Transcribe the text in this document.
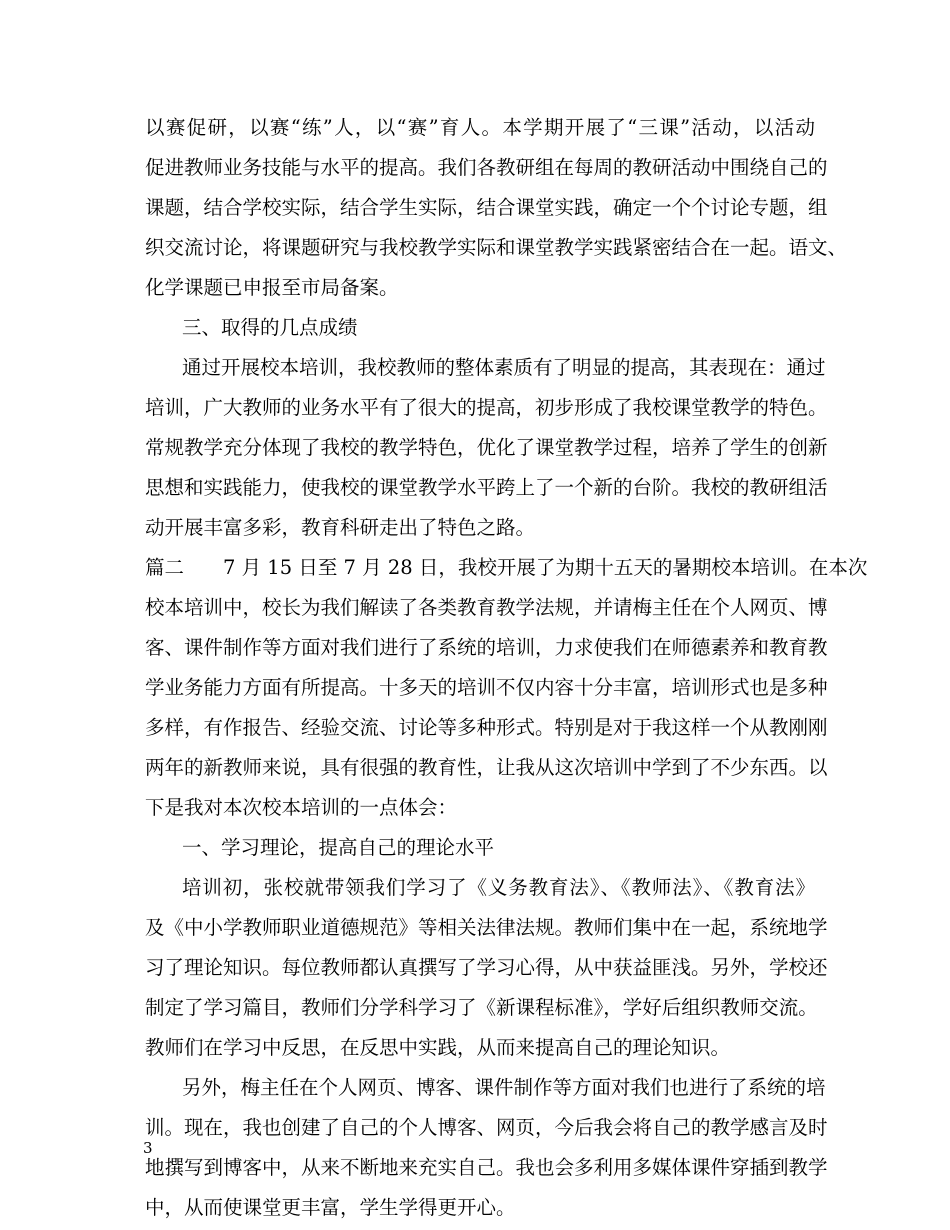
以赛促研，以赛“练”人，以“赛”育人。本学期开展了“三课”活动，以活动
促进教师业务技能与水平的提高。我们各教研组在每周的教研活动中围绕自己的
课题，结合学校实际，结合学生实际，结合课堂实践，确定一个个讨论专题，组
织交流讨论，将课题研究与我校教学实际和课堂教学实践紧密结合在一起。语文、
化学课题已申报至市局备案。
三、取得的几点成绩
通过开展校本培训，我校教师的整体素质有了明显的提高，其表现在：通过
培训，广大教师的业务水平有了很大的提高，初步形成了我校课堂教学的特色。
常规教学充分体现了我校的教学特色，优化了课堂教学过程，培养了学生的创新
思想和实践能力，使我校的课堂教学水平跨上了一个新的台阶。我校的教研组活
动开展丰富多彩，教育科研走出了特色之路。
篇二　　7 月 15 日至 7 月 28 日，我校开展了为期十五天的暑期校本培训。在本次
校本培训中，校长为我们解读了各类教育教学法规，并请梅主任在个人网页、博
客、课件制作等方面对我们进行了系统的培训，力求使我们在师德素养和教育教
学业务能力方面有所提高。十多天的培训不仅内容十分丰富，培训形式也是多种
多样，有作报告、经验交流、讨论等多种形式。特别是对于我这样一个从教刚刚
两年的新教师来说，具有很强的教育性，让我从这次培训中学到了不少东西。以
下是我对本次校本培训的一点体会：
一、学习理论，提高自己的理论水平
培训初，张校就带领我们学习了《义务教育法》、《教师法》、《教育法》
及《中小学教师职业道德规范》等相关法律法规。教师们集中在一起，系统地学
习了理论知识。每位教师都认真撰写了学习心得，从中获益匪浅。另外，学校还
制定了学习篇目，教师们分学科学习了《新课程标准》，学好后组织教师交流。
教师们在学习中反思，在反思中实践，从而来提高自己的理论知识。
另外，梅主任在个人网页、博客、课件制作等方面对我们也进行了系统的培
训。现在，我也创建了自己的个人博客、网页，今后我会将自己的教学感言及时
地撰写到博客中，从来不断地来充实自己。我也会多利用多媒体课件穿插到教学
中，从而使课堂更丰富，学生学得更开心。
3
